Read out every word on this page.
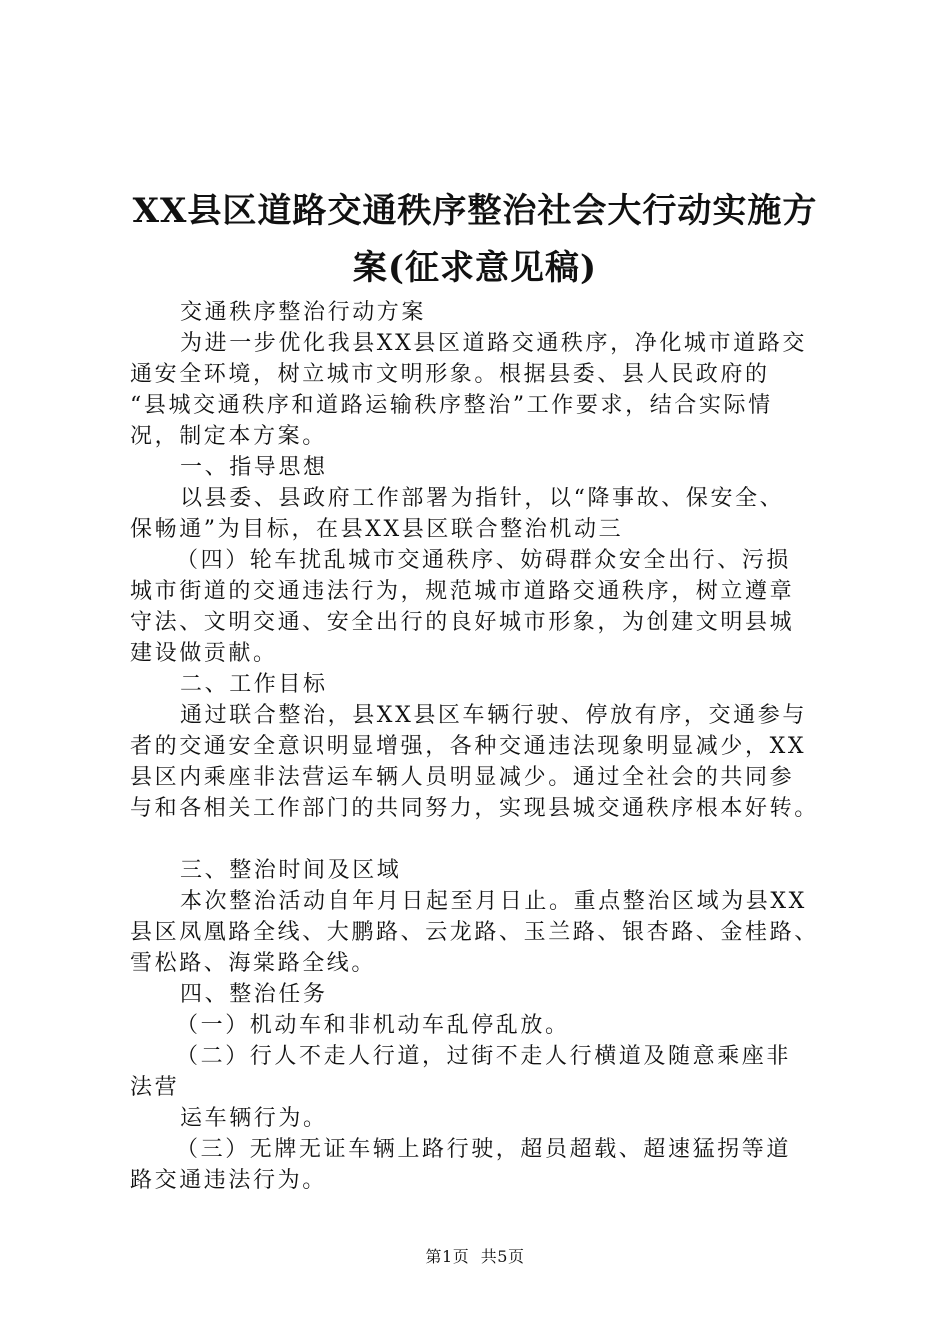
XX县区道路交通秩序整治社会大行动实施方
案(征求意见稿)
交通秩序整治行动方案
为进一步优化我县XX县区道路交通秩序，净化城市道路交
通安全环境，树立城市文明形象。根据县委、县人民政府的
“县城交通秩序和道路运输秩序整治”工作要求，结合实际情
况，制定本方案。
一、指导思想
以县委、县政府工作部署为指针，以“降事故、保安全、
保畅通”为目标，在县XX县区联合整治机动三
（四）轮车扰乱城市交通秩序、妨碍群众安全出行、污损
城市街道的交通违法行为，规范城市道路交通秩序，树立遵章
守法、文明交通、安全出行的良好城市形象，为创建文明县城
建设做贡献。
二、工作目标
通过联合整治，县XX县区车辆行驶、停放有序，交通参与
者的交通安全意识明显增强，各种交通违法现象明显减少，XX
县区内乘座非法营运车辆人员明显减少。通过全社会的共同参
与和各相关工作部门的共同努力，实现县城交通秩序根本好转。
三、整治时间及区域
本次整治活动自年月日起至月日止。重点整治区域为县XX
县区凤凰路全线、大鹏路、云龙路、玉兰路、银杏路、金桂路、
雪松路、海棠路全线。
四、整治任务
（一）机动车和非机动车乱停乱放。
（二）行人不走人行道，过街不走人行横道及随意乘座非
法营
运车辆行为。
（三）无牌无证车辆上路行驶，超员超载、超速猛拐等道
路交通违法行为。
第1页 共5页
